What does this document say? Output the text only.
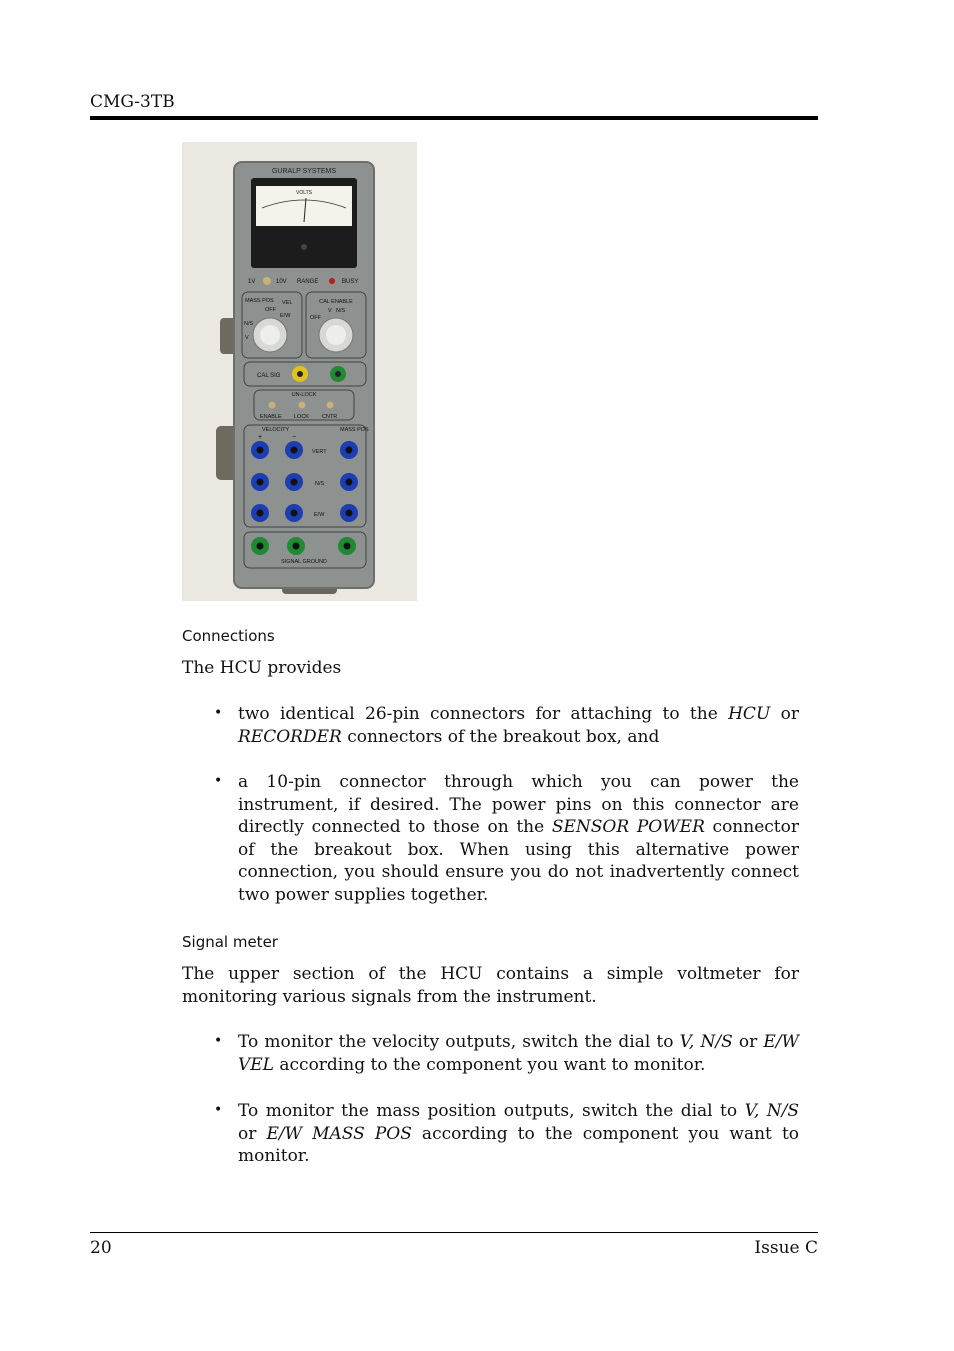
CMG-3TB
GURALP SYSTEMS
VOLTS
1V	10V RANGE	BUSY
MASS POS VEL
OFF
E/W
N/S
V
CAL ENABLE
OFF
V N/S
CAL SIG
UN-LOCK
ENABLE LOCK CNTR
VELOCITY	MASS POS
+	−
VERT
N/S
E/W
SIGNAL GROUND
Connections
The HCU provides
• two identical 26-pin connectors for attaching to the HCU or RECORDER connectors of the breakout box, and
• a 10-pin connector through which you can power the instrument, if desired. The power pins on this connector are directly connected to those on the SENSOR POWER connector of the breakout box. When using this alternative power connection, you should ensure you do not inadvertently connect two power supplies together.
Signal meter
The upper section of the HCU contains a simple voltmeter for monitoring various signals from the instrument.
• To monitor the velocity outputs, switch the dial to V, N/S or E/W VEL according to the component you want to monitor.
• To monitor the mass position outputs, switch the dial to V, N/S or E/W MASS POS according to the component you want to monitor.
20	Issue C
